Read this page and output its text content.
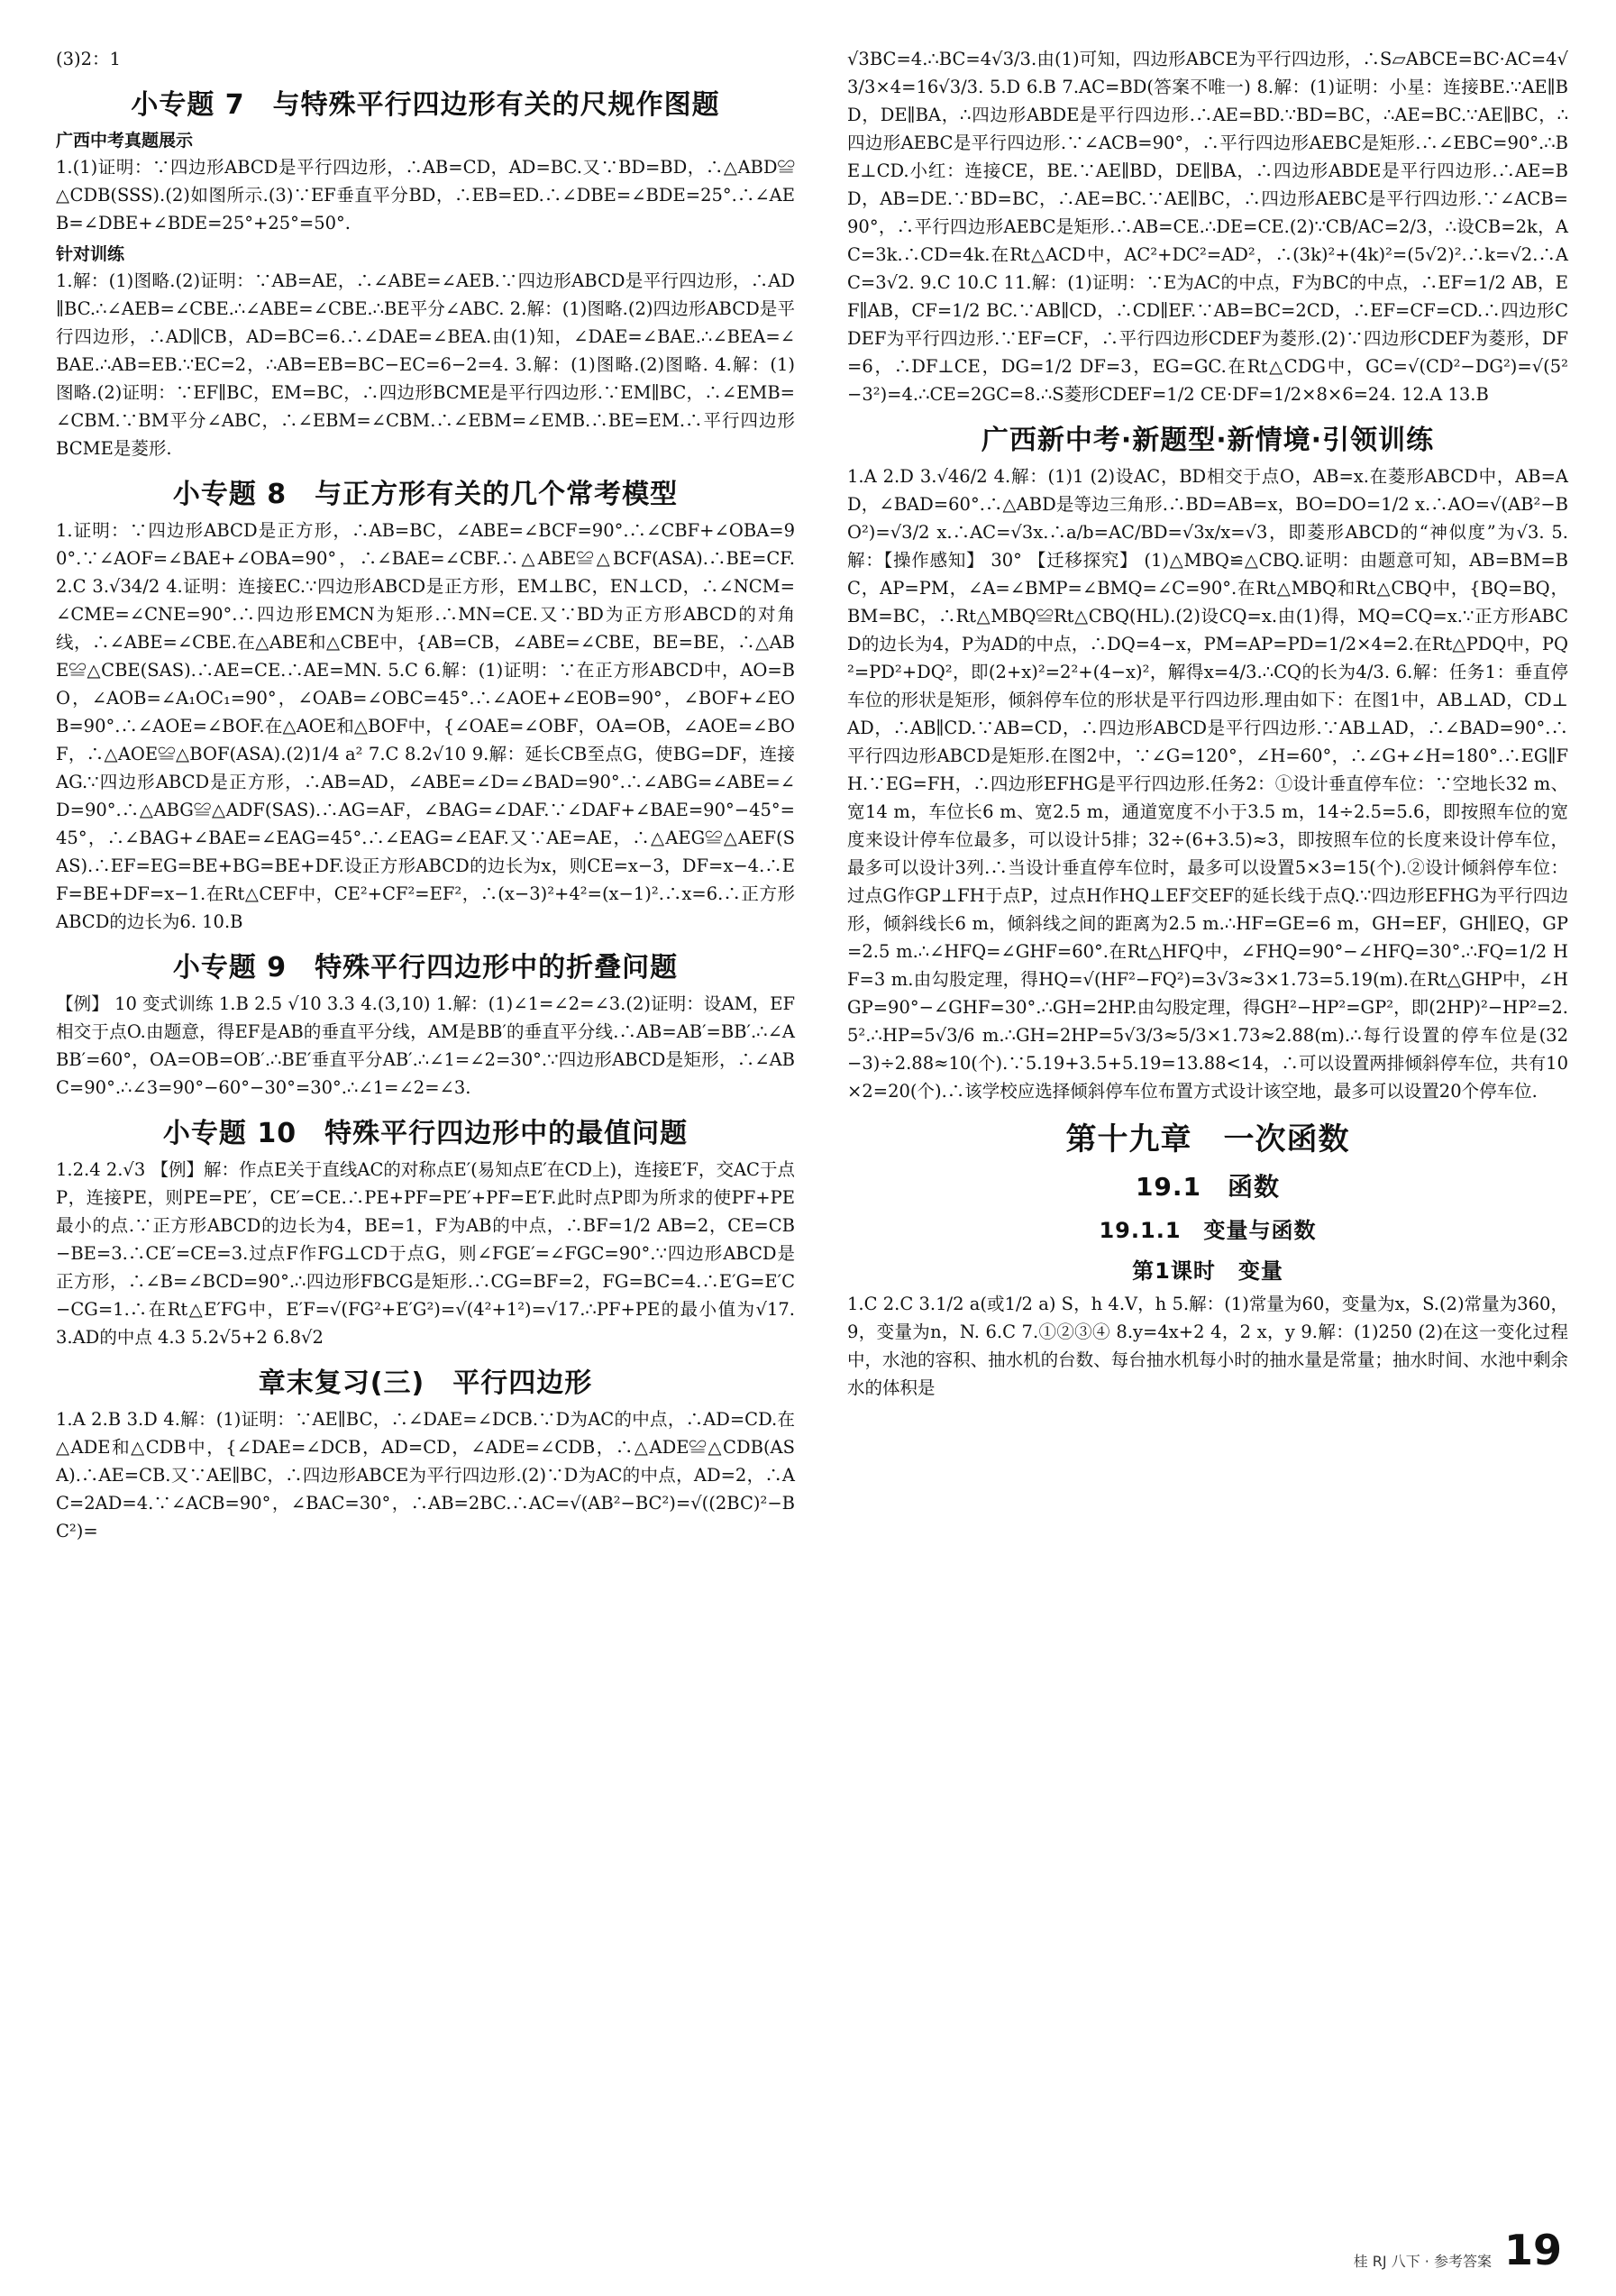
(3)2：1

小专题 7　与特殊平行四边形有关的尺规作图题
广西中考真题展示

1.(1)证明：∵四边形ABCD是平行四边形，∴AB=CD，AD=BC.又∵BD=BD，∴△ABD≌△CDB(SSS).(2)如图所示.(3)∵EF垂直平分BD，∴EB=ED.∴∠DBE=∠BDE=25°.∴∠AEB=∠DBE+∠BDE=25°+25°=50°.

针对训练

1.解：(1)图略.(2)证明：∵AB=AE，∴∠ABE=∠AEB.∵四边形ABCD是平行四边形，∴AD∥BC.∴∠AEB=∠CBE.∴∠ABE=∠CBE.∴BE平分∠ABC. 2.解：(1)图略.(2)四边形ABCD是平行四边形，∴AD∥CB，AD=BC=6.∴∠DAE=∠BEA.由(1)知，∠DAE=∠BAE.∴∠BEA=∠BAE.∴AB=EB.∵EC=2，∴AB=EB=BC−EC=6−2=4. 3.解：(1)图略.(2)图略. 4.解：(1)图略.(2)证明：∵EF∥BC，EM=BC，∴四边形BCME是平行四边形.∵EM∥BC，∴∠EMB=∠CBM.∵BM平分∠ABC，∴∠EBM=∠CBM.∴∠EBM=∠EMB.∴BE=EM.∴平行四边形BCME是菱形.

小专题 8　与正方形有关的几个常考模型

1.证明：∵四边形ABCD是正方形，∴AB=BC，∠ABE=∠BCF=90°.∴∠CBF+∠OBA=90°.∵∠AOF=∠BAE+∠OBA=90°，∴∠BAE=∠CBF.∴△ABE≌△BCF(ASA).∴BE=CF. 2.C 3.√34/2 4.证明：连接EC.∵四边形ABCD是正方形，EM⊥BC，EN⊥CD，∴∠NCM=∠CME=∠CNE=90°.∴四边形EMCN为矩形.∴MN=CE.又∵BD为正方形ABCD的对角线，∴∠ABE=∠CBE.在△ABE和△CBE中，{AB=CB，∠ABE=∠CBE，BE=BE，∴△ABE≌△CBE(SAS).∴AE=CE.∴AE=MN. 5.C 6.解：(1)证明：∵在正方形ABCD中，AO=BO，∠AOB=∠A₁OC₁=90°，∠OAB=∠OBC=45°.∴∠AOE+∠EOB=90°，∠BOF+∠EOB=90°.∴∠AOE=∠BOF.在△AOE和△BOF中，{∠OAE=∠OBF，OA=OB，∠AOE=∠BOF，∴△AOE≌△BOF(ASA).(2)1/4 a² 7.C 8.2√10 9.解：延长CB至点G，使BG=DF，连接AG.∵四边形ABCD是正方形，∴AB=AD，∠ABE=∠D=∠BAD=90°.∴∠ABG=∠ABE=∠D=90°.∴△ABG≌△ADF(SAS).∴AG=AF，∠BAG=∠DAF.∵∠DAF+∠BAE=90°−45°=45°，∴∠BAG+∠BAE=∠EAG=45°.∴∠EAG=∠EAF.又∵AE=AE，∴△AEG≌△AEF(SAS).∴EF=EG=BE+BG=BE+DF.设正方形ABCD的边长为x，则CE=x−3，DF=x−4.∴EF=BE+DF=x−1.在Rt△CEF中，CE²+CF²=EF²，∴(x−3)²+4²=(x−1)².∴x=6.∴正方形ABCD的边长为6. 10.B

小专题 9　特殊平行四边形中的折叠问题

【例】 10 变式训练 1.B 2.5 √10 3.3 4.(3,10) 1.解：(1)∠1=∠2=∠3.(2)证明：设AM，EF相交于点O.由题意，得EF是AB的垂直平分线，AM是BB′的垂直平分线.∴AB=AB′=BB′.∴∠ABB′=60°，OA=OB=OB′.∴BE′垂直平分AB′.∴∠1=∠2=30°.∵四边形ABCD是矩形，∴∠ABC=90°.∴∠3=90°−60°−30°=30°.∴∠1=∠2=∠3.

小专题 10　特殊平行四边形中的最值问题

1.2.4 2.√3 【例】解：作点E关于直线AC的对称点E′(易知点E′在CD上)，连接E′F，交AC于点P，连接PE，则PE=PE′，CE′=CE.∴PE+PF=PE′+PF=E′F.此时点P即为所求的使PF+PE最小的点.∵正方形ABCD的边长为4，BE=1，F为AB的中点，∴BF=1/2 AB=2，CE=CB−BE=3.∴CE′=CE=3.过点F作FG⊥CD于点G，则∠FGE′=∠FGC=90°.∵四边形ABCD是正方形，∴∠B=∠BCD=90°.∴四边形FBCG是矩形.∴CG=BF=2，FG=BC=4.∴E′G=E′C−CG=1.∴在Rt△E′FG中，E′F=√(FG²+E′G²)=√(4²+1²)=√17.∴PF+PE的最小值为√17. 3.AD的中点 4.3 5.2√5+2 6.8√2

章末复习(三)　平行四边形

1.A 2.B 3.D 4.解：(1)证明：∵AE∥BC，∴∠DAE=∠DCB.∵D为AC的中点，∴AD=CD.在△ADE和△CDB中，{∠DAE=∠DCB，AD=CD，∠ADE=∠CDB，∴△ADE≌△CDB(ASA).∴AE=CB.又∵AE∥BC，∴四边形ABCE为平行四边形.(2)∵D为AC的中点，AD=2，∴AC=2AD=4.∵∠ACB=90°，∠BAC=30°，∴AB=2BC.∴AC=√(AB²−BC²)=√((2BC)²−BC²)=

√3BC=4.∴BC=4√3/3.由(1)可知，四边形ABCE为平行四边形，∴S▱ABCE=BC·AC=4√3/3×4=16√3/3. 5.D 6.B 7.AC=BD(答案不唯一) 8.解：(1)证明：小星：连接BE.∵AE∥BD，DE∥BA，∴四边形ABDE是平行四边形.∴AE=BD.∵BD=BC，∴AE=BC.∵AE∥BC，∴四边形AEBC是平行四边形.∵∠ACB=90°，∴平行四边形AEBC是矩形.∴∠EBC=90°.∴BE⊥CD.小红：连接CE，BE.∵AE∥BD，DE∥BA，∴四边形ABDE是平行四边形.∴AE=BD，AB=DE.∵BD=BC，∴AE=BC.∵AE∥BC，∴四边形AEBC是平行四边形.∵∠ACB=90°，∴平行四边形AEBC是矩形.∴AB=CE.∴DE=CE.(2)∵CB/AC=2/3，∴设CB=2k，AC=3k.∴CD=4k.在Rt△ACD中，AC²+DC²=AD²，∴(3k)²+(4k)²=(5√2)².∴k=√2.∴AC=3√2. 9.C 10.C 11.解：(1)证明：∵E为AC的中点，F为BC的中点，∴EF=1/2 AB，EF∥AB，CF=1/2 BC.∵AB∥CD，∴CD∥EF.∵AB=BC=2CD，∴EF=CF=CD.∴四边形CDEF为平行四边形.∵EF=CF，∴平行四边形CDEF为菱形.(2)∵四边形CDEF为菱形，DF=6，∴DF⊥CE，DG=1/2 DF=3，EG=GC.在Rt△CDG中，GC=√(CD²−DG²)=√(5²−3²)=4.∴CE=2GC=8.∴S菱形CDEF=1/2 CE·DF=1/2×8×6=24. 12.A 13.B

广西新中考·新题型·新情境·引领训练

1.A 2.D 3.√46/2 4.解：(1)1 (2)设AC，BD相交于点O，AB=x.在菱形ABCD中，AB=AD，∠BAD=60°.∴△ABD是等边三角形.∴BD=AB=x，BO=DO=1/2 x.∴AO=√(AB²−BO²)=√3/2 x.∴AC=√3x.∴a/b=AC/BD=√3x/x=√3，即菱形ABCD的“神似度”为√3. 5.解：【操作感知】 30° 【迁移探究】 (1)△MBQ≌△CBQ.证明：由题意可知，AB=BM=BC，AP=PM，∠A=∠BMP=∠BMQ=∠C=90°.在Rt△MBQ和Rt△CBQ中，{BQ=BQ，BM=BC，∴Rt△MBQ≌Rt△CBQ(HL).(2)设CQ=x.由(1)得，MQ=CQ=x.∵正方形ABCD的边长为4，P为AD的中点，∴DQ=4−x，PM=AP=PD=1/2×4=2.在Rt△PDQ中，PQ²=PD²+DQ²，即(2+x)²=2²+(4−x)²，解得x=4/3.∴CQ的长为4/3. 6.解：任务1：垂直停车位的形状是矩形，倾斜停车位的形状是平行四边形.理由如下：在图1中，AB⊥AD，CD⊥AD，∴AB∥CD.∵AB=CD，∴四边形ABCD是平行四边形.∵AB⊥AD，∴∠BAD=90°.∴平行四边形ABCD是矩形.在图2中，∵∠G=120°，∠H=60°，∴∠G+∠H=180°.∴EG∥FH.∵EG=FH，∴四边形EFHG是平行四边形.任务2：①设计垂直停车位：∵空地长32 m、宽14 m，车位长6 m、宽2.5 m，通道宽度不小于3.5 m，14÷2.5=5.6，即按照车位的宽度来设计停车位最多，可以设计5排；32÷(6+3.5)≈3，即按照车位的长度来设计停车位，最多可以设计3列.∴当设计垂直停车位时，最多可以设置5×3=15(个).②设计倾斜停车位：过点G作GP⊥FH于点P，过点H作HQ⊥EF交EF的延长线于点Q.∵四边形EFHG为平行四边形，倾斜线长6 m，倾斜线之间的距离为2.5 m.∴HF=GE=6 m，GH=EF，GH∥EQ，GP=2.5 m.∴∠HFQ=∠GHF=60°.在Rt△HFQ中，∠FHQ=90°−∠HFQ=30°.∴FQ=1/2 HF=3 m.由勾股定理，得HQ=√(HF²−FQ²)=3√3≈3×1.73=5.19(m).在Rt△GHP中，∠HGP=90°−∠GHF=30°.∴GH=2HP.由勾股定理，得GH²−HP²=GP²，即(2HP)²−HP²=2.5².∴HP=5√3/6 m.∴GH=2HP=5√3/3≈5/3×1.73≈2.88(m).∴每行设置的停车位是(32−3)÷2.88≈10(个).∵5.19+3.5+5.19=13.88<14，∴可以设置两排倾斜停车位，共有10×2=20(个).∴该学校应选择倾斜停车位布置方式设计该空地，最多可以设置20个停车位.

第十九章　一次函数
19.1　函数
19.1.1　变量与函数
第1课时　变量

1.C 2.C 3.1/2 a(或1/2 a) S，h 4.V，h 5.解：(1)常量为60，变量为x，S.(2)常量为360，9，变量为n，N. 6.C 7.①②③④ 8.y=4x+2 4，2 x，y 9.解：(1)250 (2)在这一变化过程中，水池的容积、抽水机的台数、每台抽水机每小时的抽水量是常量；抽水时间、水池中剩余水的体积是

桂 RJ 八下 · 参考答案 19
